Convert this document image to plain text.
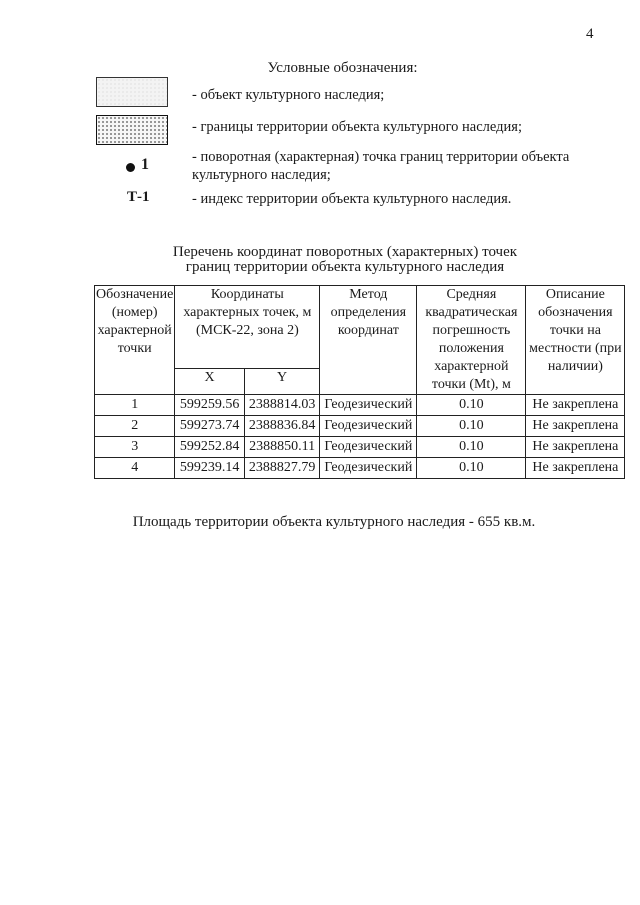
4
Условные обозначения:
- объект культурного наследия;
- границы территории объекта культурного наследия;
1	- поворотная (характерная) точка границ территории объекта культурного наследия;
Т-1	- индекс территории объекта культурного наследия.
Перечень координат поворотных (характерных) точек
границ территории объекта культурного наследия
Обозначение (номер) характерной точки	Координаты характерных точек, м (МСК-22, зона 2)		Метод определения координат	Средняя квадратическая погрешность положения характерной точки (Mt), м	Описание обозначения точки на местности (при наличии)
	X	Y			
1	599259.56	2388814.03	Геодезический	0.10	Не закреплена
2	599273.74	2388836.84	Геодезический	0.10	Не закреплена
3	599252.84	2388850.11	Геодезический	0.10	Не закреплена
4	599239.14	2388827.79	Геодезический	0.10	Не закреплена
Площадь территории объекта культурного наследия - 655 кв.м.
